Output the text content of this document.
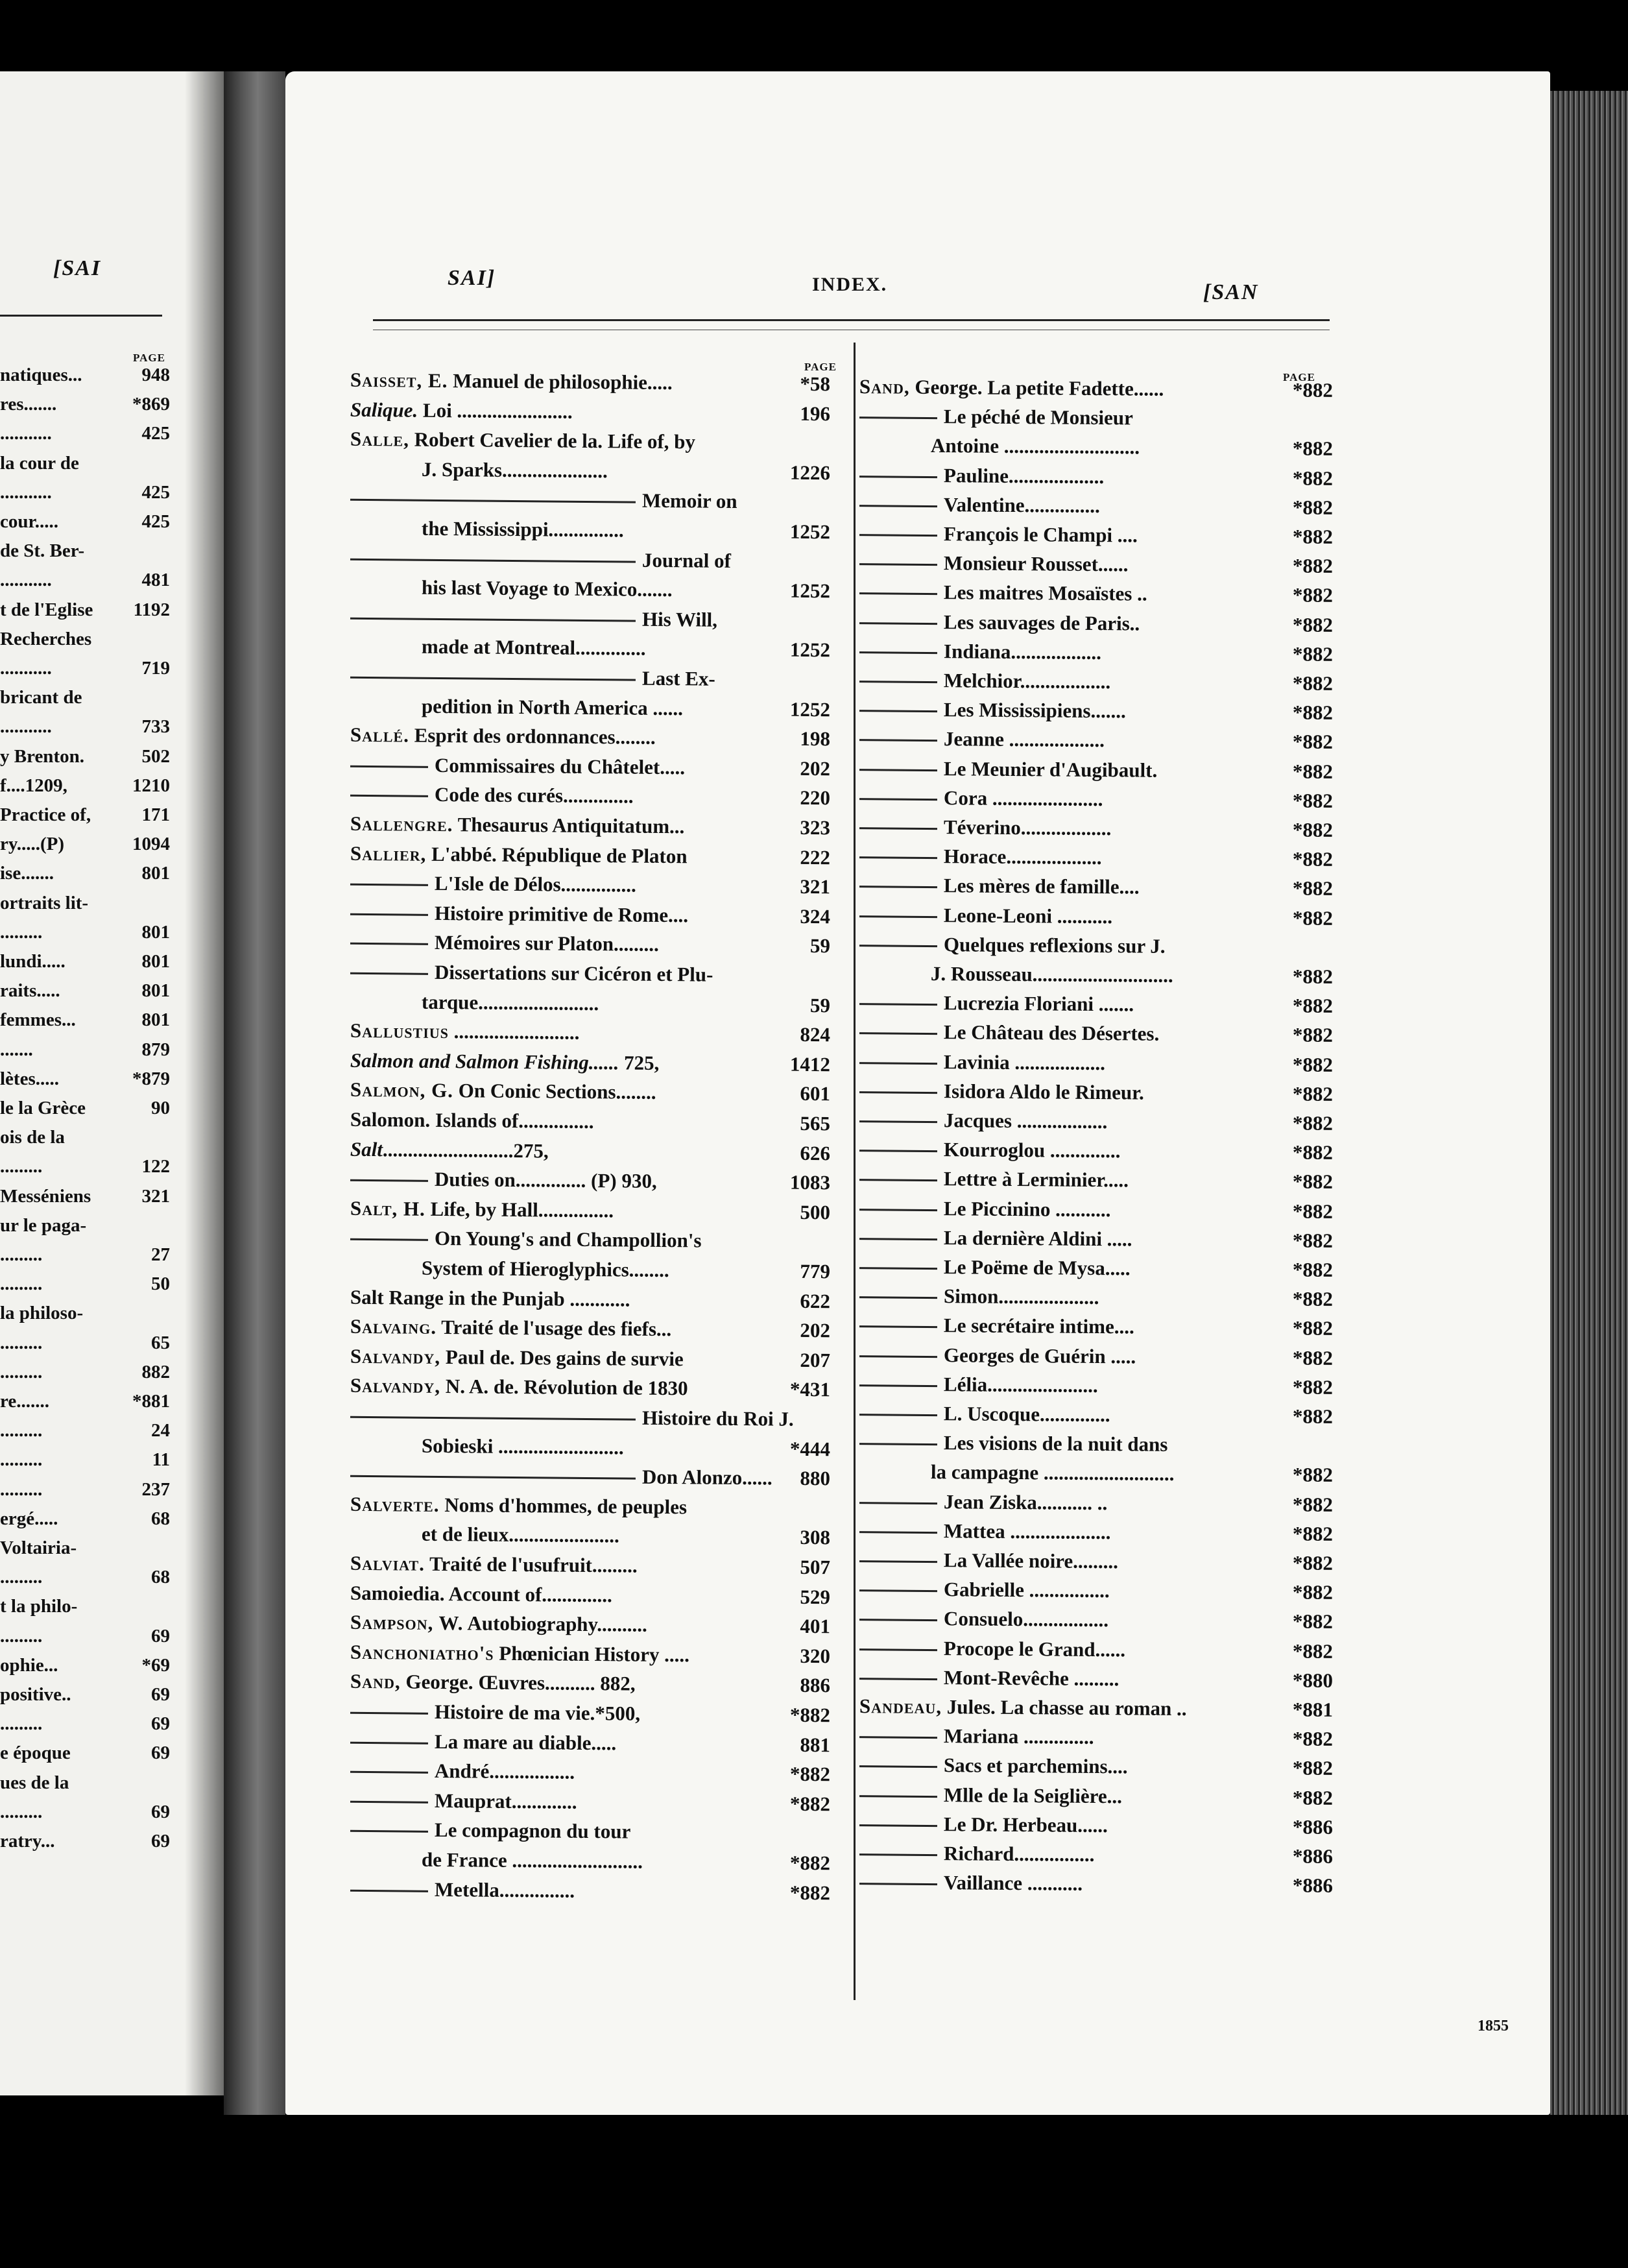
[SAI
PAGE
natiques...	948
res.......	*869
...........	425
la cour de
...........	425
cour.....	425
de St. Ber-
...........	481
t de l'Eglise 1192
Recherches
...........	719
bricant de
...........	733
y Brenton.	502
f....1209,	1210
Practice of,	171
ry.....(P)	1094
ise.......	801
ortraits lit-
.........	801
lundi.....	801
raits.....	801
femmes...	801
.......	879
lètes.....	*879
le la Grèce	90
ois de la
.........	122
Messéniens	321
ur le paga-
.........	27
.........	50
la philoso-
.........	65
.........	882
re.......	*881
.........	24
.........	11
.........	237
ergé.....	68
Voltairia-
.........	68
t la philo-
.........	69
ophie...	*69
positive..	69
.........	69
e époque	69
ues de la
.........	69
ratry...	69
SAI]	INDEX.	[SAN
PAGE
PAGE
Saisset, E. Manuel de philosophie.....	*58
Salique. Loi .......................	196
Salle, Robert Cavelier de la. Life of, by
J. Sparks.....................	1226
Memoir on
the Mississippi...............	1252
Journal of
his last Voyage to Mexico.......	1252
His Will,
made at Montreal..............	1252
Last Ex-
pedition in North America ......	1252
Sallé. Esprit des ordonnances........	198
Commissaires du Châtelet.....	202
Code des curés..............	220
Sallengre. Thesaurus Antiquitatum...	323
Sallier, L'abbé. République de Platon	222
L'Isle de Délos...............	321
Histoire primitive de Rome....	324
Mémoires sur Platon.........	59
Dissertations sur Cicéron et Plu-
tarque........................	59
Sallustius .........................	824
Salmon and Salmon Fishing...... 725,	1412
Salmon, G. On Conic Sections........	601
Salomon. Islands of...............	565
Salt..........................275,	626
Duties on.............. (P) 930,	1083
Salt, H. Life, by Hall...............	500
On Young's and Champollion's
System of Hieroglyphics........	779
Salt Range in the Punjab ............	622
Salvaing. Traité de l'usage des fiefs...	202
Salvandy, Paul de. Des gains de survie	207
Salvandy, N. A. de. Révolution de 1830	*431
Histoire du Roi J.
Sobieski .........................	*444
Don Alonzo...... 880
Salverte. Noms d'hommes, de peuples
et de lieux......................	308
Salviat. Traité de l'usufruit.........	507
Samoiedia. Account of..............	529
Sampson, W. Autobiography..........	401
Sanchoniatho's Phœnician History .....	320
Sand, George. Œuvres.......... 882,	886
Histoire de ma vie.*500,	*882
La mare au diable.....	881
André.................	*882
Mauprat.............	*882
Le compagnon du tour
de France ..........................	*882
Metella...............	*882
Sand, George. La petite Fadette......	*882
Le péché de Monsieur
Antoine ...........................	*882
Pauline...................	*882
Valentine...............	*882
François le Champi ....	*882
Monsieur Rousset......	*882
Les maitres Mosaïstes ..	*882
Les sauvages de Paris..	*882
Indiana..................	*882
Melchior..................	*882
Les Mississipiens.......	*882
Jeanne ...................	*882
Le Meunier d'Augibault.	*882
Cora ......................	*882
Téverino..................	*882
Horace...................	*882
Les mères de famille....	*882
Leone-Leoni ...........	*882
Quelques reflexions sur J.
J. Rousseau............................	*882
Lucrezia Floriani .......	*882
Le Château des Désertes.	*882
Lavinia ..................	*882
Isidora Aldo le Rimeur.	*882
Jacques ..................	*882
Kourroglou ..............	*882
Lettre à Lerminier.....	*882
Le Piccinino ...........	*882
La dernière Aldini .....	*882
Le Poëme de Mysa.....	*882
Simon....................	*882
Le secrétaire intime....	*882
Georges de Guérin .....	*882
Lélia......................	*882
L. Uscoque..............	*882
Les visions de la nuit dans
la campagne ..........................	*882
Jean Ziska........... ..	*882
Mattea ....................	*882
La Vallée noire.........	*882
Gabrielle ................	*882
Consuelo.................	*882
Procope le Grand......	*882
Mont-Revêche .........	*880
Sandeau, Jules. La chasse au roman ..	*881
Mariana ..............	*882
Sacs et parchemins....	*882
Mlle de la Seiglière...	*882
Le Dr. Herbeau......	*886
Richard................	*886
Vaillance ...........	*886
1855
